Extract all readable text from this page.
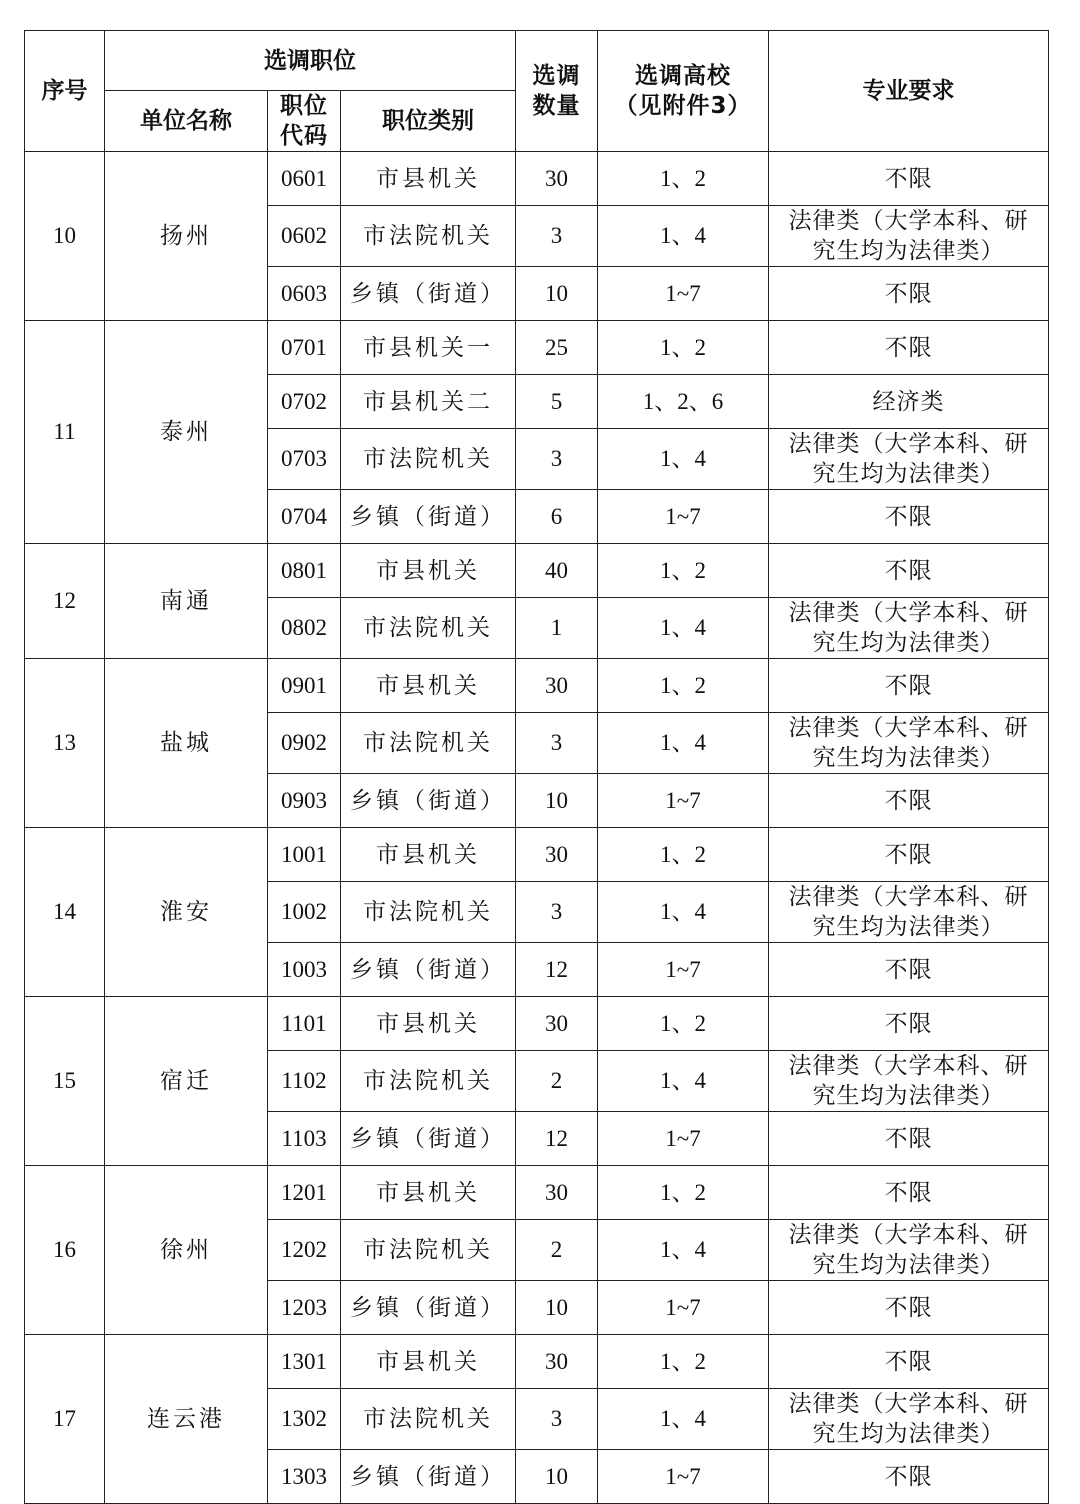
序号	选调职位			选调数量	选调高校（见附件3）	专业要求
	单位名称	职位代码	职位类别			
10	扬州	0601	市县机关	30	1、2	不限
		0602	市法院机关	3	1、4	法律类（大学本科、研究生均为法律类）
		0603	乡镇（街道）	10	1~7	不限
11	泰州	0701	市县机关一	25	1、2	不限
		0702	市县机关二	5	1、2、6	经济类
		0703	市法院机关	3	1、4	法律类（大学本科、研究生均为法律类）
		0704	乡镇（街道）	6	1~7	不限
12	南通	0801	市县机关	40	1、2	不限
		0802	市法院机关	1	1、4	法律类（大学本科、研究生均为法律类）
13	盐城	0901	市县机关	30	1、2	不限
		0902	市法院机关	3	1、4	法律类（大学本科、研究生均为法律类）
		0903	乡镇（街道）	10	1~7	不限
14	淮安	1001	市县机关	30	1、2	不限
		1002	市法院机关	3	1、4	法律类（大学本科、研究生均为法律类）
		1003	乡镇（街道）	12	1~7	不限
15	宿迁	1101	市县机关	30	1、2	不限
		1102	市法院机关	2	1、4	法律类（大学本科、研究生均为法律类）
		1103	乡镇（街道）	12	1~7	不限
16	徐州	1201	市县机关	30	1、2	不限
		1202	市法院机关	2	1、4	法律类（大学本科、研究生均为法律类）
		1203	乡镇（街道）	10	1~7	不限
17	连云港	1301	市县机关	30	1、2	不限
		1302	市法院机关	3	1、4	法律类（大学本科、研究生均为法律类）
		1303	乡镇（街道）	10	1~7	不限
